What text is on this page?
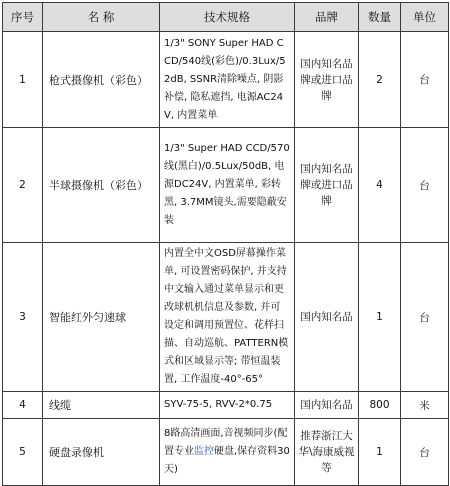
序号	名 称	技术规格	品牌	数量	单位
1	枪式摄像机（彩色）	1/3" SONY Super HAD CCD/540线(彩色)/0.3Lux/52dB, SSNR清除噪点, 阴影补偿, 隐私遮挡, 电源AC24V, 内置菜单	国内知名品牌或进口品牌	2	台
2	半球摄像机（彩色）	1/3" Super HAD CCD/570线(黑白)/0.5Lux/50dB, 电源DC24V, 内置菜单, 彩转黑, 3.7MM镜头,需要隐蔽安装	国内知名品牌或进口品牌	4	台
3	智能红外匀速球	内置全中文OSD屏幕操作菜单, 可设置密码保护, 并支持中文输入通过菜单显示和更改球机机信息及参数, 并可设定和调用预置位、花样扫描、自动巡航、PATTERN模式和区域显示等; 带恒温装置, 工作温度-40°-65°	国内知名品	1	台
4	线缆	SYV-75-5, RVV-2*0.75	国内知名品	800	米
5	硬盘录像机	8路高清画面,音视频同步(配置专业监控硬盘,保存资料30天)	推荐浙江大华\海康威视等	1	台
